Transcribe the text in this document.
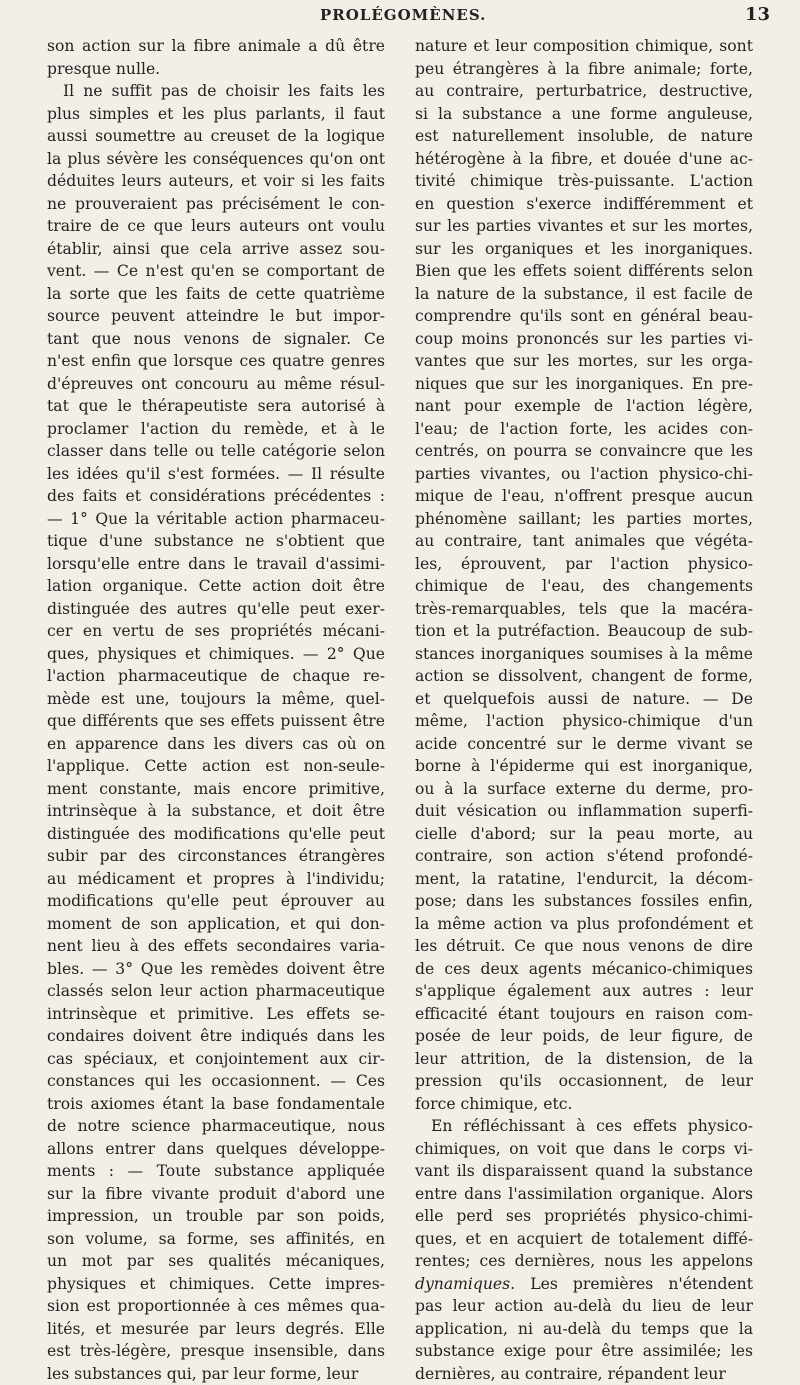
PROLÉGOMÈNES.	13
son action sur la fibre animale a dû être
presque nulle.
Il ne suffit pas de choisir les faits les
plus simples et les plus parlants, il faut
aussi soumettre au creuset de la logique
la plus sévère les conséquences qu'on ont
déduites leurs auteurs, et voir si les faits
ne prouveraient pas précisément le con-
traire de ce que leurs auteurs ont voulu
établir, ainsi que cela arrive assez sou-
vent. — Ce n'est qu'en se comportant de
la sorte que les faits de cette quatrième
source peuvent atteindre le but impor-
tant que nous venons de signaler. Ce
n'est enfin que lorsque ces quatre genres
d'épreuves ont concouru au même résul-
tat que le thérapeutiste sera autorisé à
proclamer l'action du remède, et à le
classer dans telle ou telle catégorie selon
les idées qu'il s'est formées. — Il résulte
des faits et considérations précédentes :
— 1° Que la véritable action pharmaceu-
tique d'une substance ne s'obtient que
lorsqu'elle entre dans le travail d'assimi-
lation organique. Cette action doit être
distinguée des autres qu'elle peut exer-
cer en vertu de ses propriétés mécani-
ques, physiques et chimiques. — 2° Que
l'action pharmaceutique de chaque re-
mède est une, toujours la même, quel-
que différents que ses effets puissent être
en apparence dans les divers cas où on
l'applique. Cette action est non-seule-
ment constante, mais encore primitive,
intrinsèque à la substance, et doit être
distinguée des modifications qu'elle peut
subir par des circonstances étrangères
au médicament et propres à l'individu;
modifications qu'elle peut éprouver au
moment de son application, et qui don-
nent lieu à des effets secondaires varia-
bles. — 3° Que les remèdes doivent être
classés selon leur action pharmaceutique
intrinsèque et primitive. Les effets se-
condaires doivent être indiqués dans les
cas spéciaux, et conjointement aux cir-
constances qui les occasionnent. — Ces
trois axiomes étant la base fondamentale
de notre science pharmaceutique, nous
allons entrer dans quelques développe-
ments : — Toute substance appliquée
sur la fibre vivante produit d'abord une
impression, un trouble par son poids,
son volume, sa forme, ses affinités, en
un mot par ses qualités mécaniques,
physiques et chimiques. Cette impres-
sion est proportionnée à ces mêmes qua-
lités, et mesurée par leurs degrés. Elle
est très-légère, presque insensible, dans
les substances qui, par leur forme, leur
nature et leur composition chimique, sont
peu étrangères à la fibre animale; forte,
au contraire, perturbatrice, destructive,
si la substance a une forme anguleuse,
est naturellement insoluble, de nature
hétérogène à la fibre, et douée d'une ac-
tivité chimique très-puissante. L'action
en question s'exerce indifféremment et
sur les parties vivantes et sur les mortes,
sur les organiques et les inorganiques.
Bien que les effets soient différents selon
la nature de la substance, il est facile de
comprendre qu'ils sont en général beau-
coup moins prononcés sur les parties vi-
vantes que sur les mortes, sur les orga-
niques que sur les inorganiques. En pre-
nant pour exemple de l'action légère,
l'eau; de l'action forte, les acides con-
centrés, on pourra se convaincre que les
parties vivantes, ou l'action physico-chi-
mique de l'eau, n'offrent presque aucun
phénomène saillant; les parties mortes,
au contraire, tant animales que végéta-
les, éprouvent, par l'action physico-
chimique de l'eau, des changements
très-remarquables, tels que la macéra-
tion et la putréfaction. Beaucoup de sub-
stances inorganiques soumises à la même
action se dissolvent, changent de forme,
et quelquefois aussi de nature. — De
même, l'action physico-chimique d'un
acide concentré sur le derme vivant se
borne à l'épiderme qui est inorganique,
ou à la surface externe du derme, pro-
duit vésication ou inflammation superfi-
cielle d'abord; sur la peau morte, au
contraire, son action s'étend profondé-
ment, la ratatine, l'endurcit, la décom-
pose; dans les substances fossiles enfin,
la même action va plus profondément et
les détruit. Ce que nous venons de dire
de ces deux agents mécanico-chimiques
s'applique également aux autres : leur
efficacité étant toujours en raison com-
posée de leur poids, de leur figure, de
leur attrition, de la distension, de la
pression qu'ils occasionnent, de leur
force chimique, etc.
En réfléchissant à ces effets physico-
chimiques, on voit que dans le corps vi-
vant ils disparaissent quand la substance
entre dans l'assimilation organique. Alors
elle perd ses propriétés physico-chimi-
ques, et en acquiert de totalement diffé-
rentes; ces dernières, nous les appelons
dynamiques. Les premières n'étendent
pas leur action au-delà du lieu de leur
application, ni au-delà du temps que la
substance exige pour être assimilée; les
dernières, au contraire, répandent leur
